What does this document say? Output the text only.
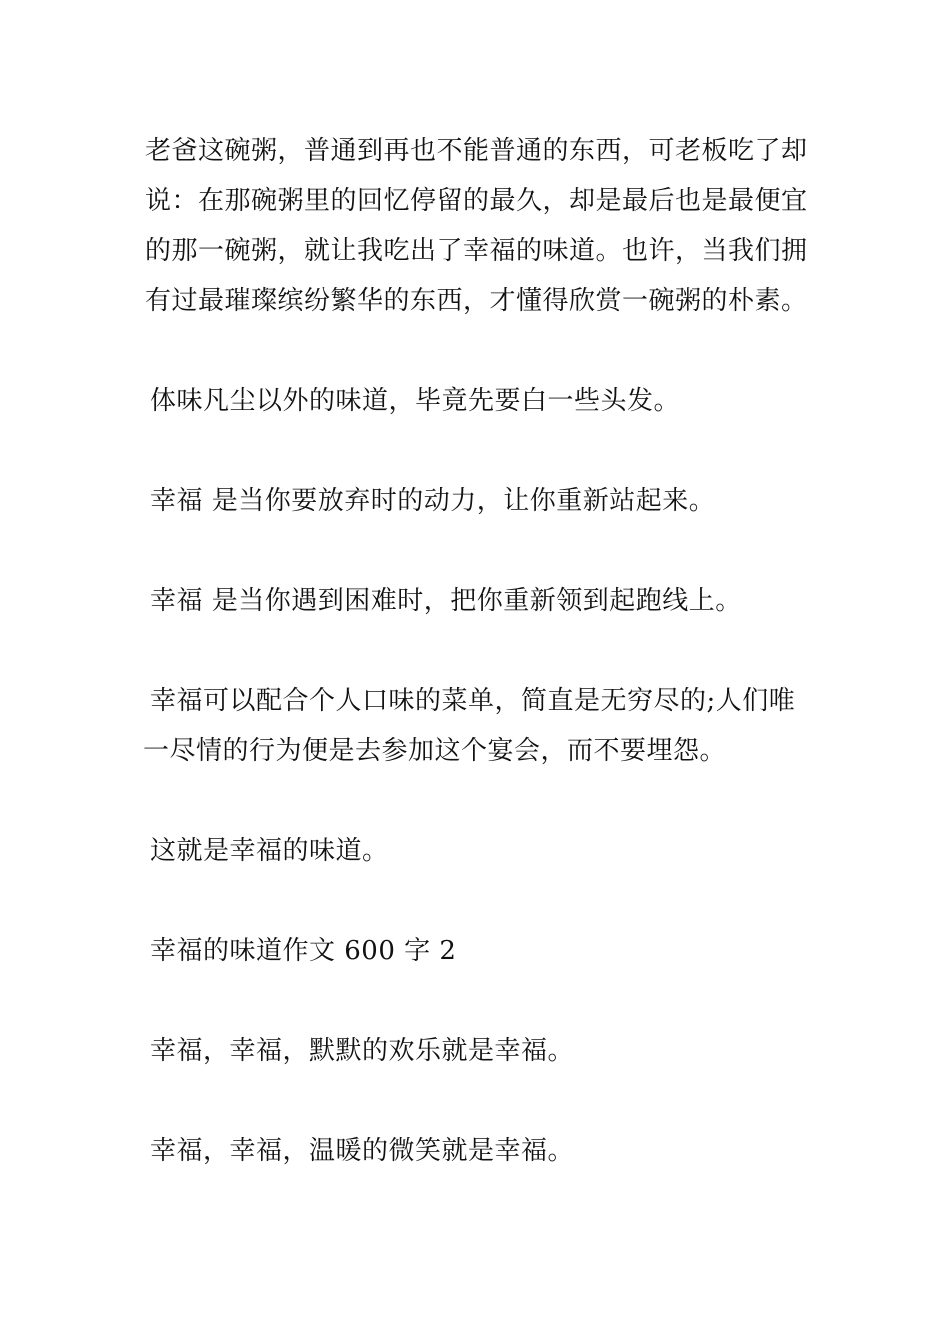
老爸这碗粥，普通到再也不能普通的东西，可老板吃了却
说：在那碗粥里的回忆停留的最久，却是最后也是最便宜
的那一碗粥，就让我吃出了幸福的味道。也许，当我们拥
有过最璀璨缤纷繁华的东西，才懂得欣赏一碗粥的朴素。
体味凡尘以外的味道，毕竟先要白一些头发。
幸福 是当你要放弃时的动力，让你重新站起来。
幸福 是当你遇到困难时，把你重新领到起跑线上。
幸福可以配合个人口味的菜单，简直是无穷尽的;人们唯
一尽情的行为便是去参加这个宴会，而不要埋怨。
这就是幸福的味道。
幸福的味道作文 600 字 2
幸福，幸福，默默的欢乐就是幸福。
幸福，幸福，温暖的微笑就是幸福。
